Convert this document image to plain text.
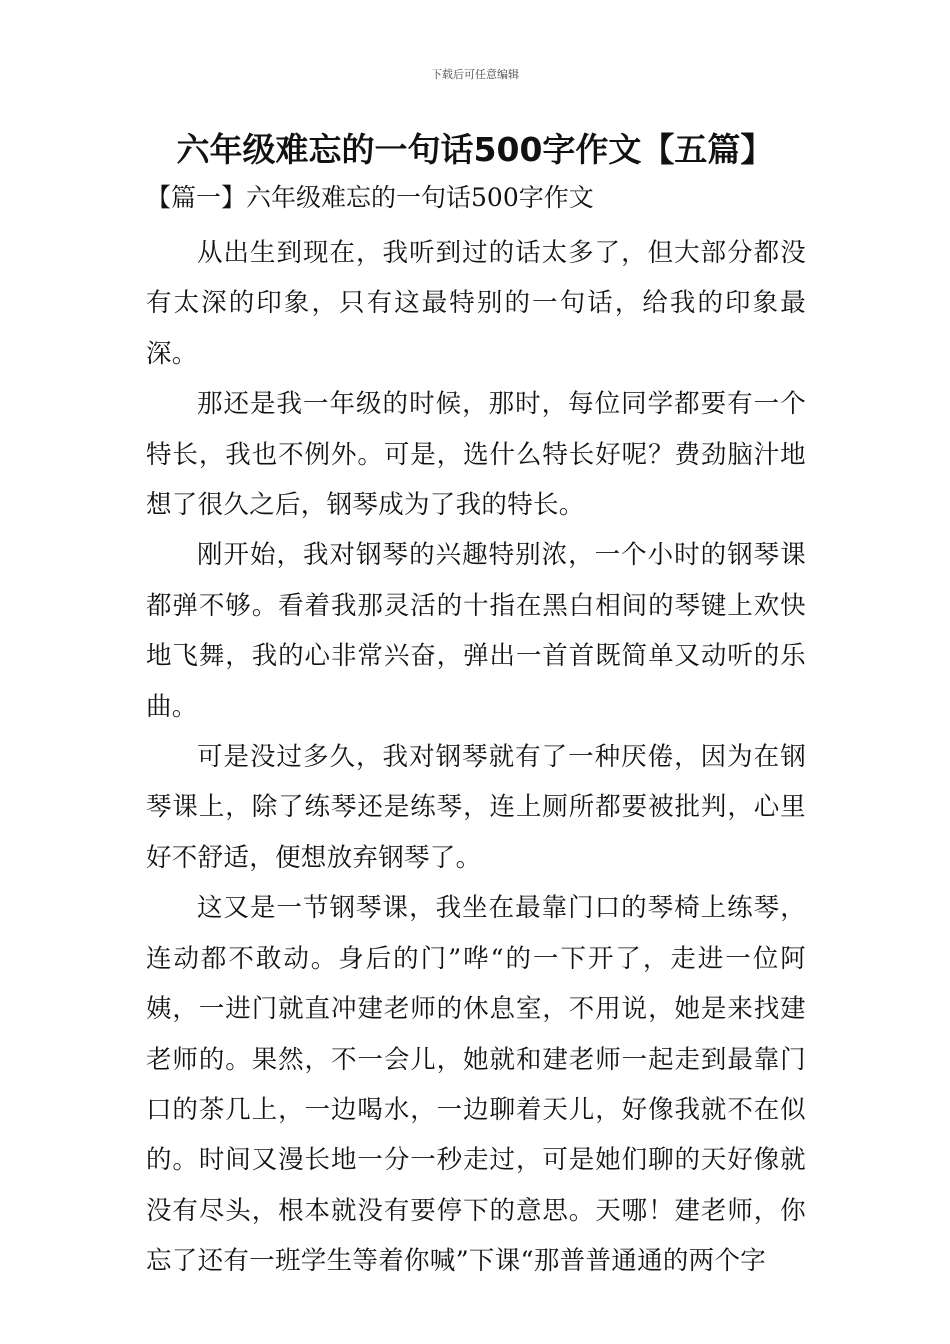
下载后可任意编辑
六年级难忘的一句话500字作文【五篇】
【篇一】六年级难忘的一句话500字作文

从出生到现在，我听到过的话太多了，但大部分都没有太深的印象，只有这最特别的一句话，给我的印象最深。

那还是我一年级的时候，那时，每位同学都要有一个特长，我也不例外。可是，选什么特长好呢？费劲脑汁地想了很久之后，钢琴成为了我的特长。

刚开始，我对钢琴的兴趣特别浓，一个小时的钢琴课都弹不够。看着我那灵活的十指在黑白相间的琴键上欢快地飞舞，我的心非常兴奋，弹出一首首既简单又动听的乐曲。

可是没过多久，我对钢琴就有了一种厌倦，因为在钢琴课上，除了练琴还是练琴，连上厕所都要被批判，心里好不舒适，便想放弃钢琴了。

这又是一节钢琴课，我坐在最靠门口的琴椅上练琴，连动都不敢动。身后的门”哗“的一下开了，走进一位阿姨，一进门就直冲建老师的休息室，不用说，她是来找建老师的。果然，不一会儿，她就和建老师一起走到最靠门口的茶几上，一边喝水，一边聊着天儿，好像我就不在似的。时间又漫长地一分一秒走过，可是她们聊的天好像就没有尽头，根本就没有要停下的意思。天哪！建老师，你忘了还有一班学生等着你喊”下课“那普普通通的两个字
